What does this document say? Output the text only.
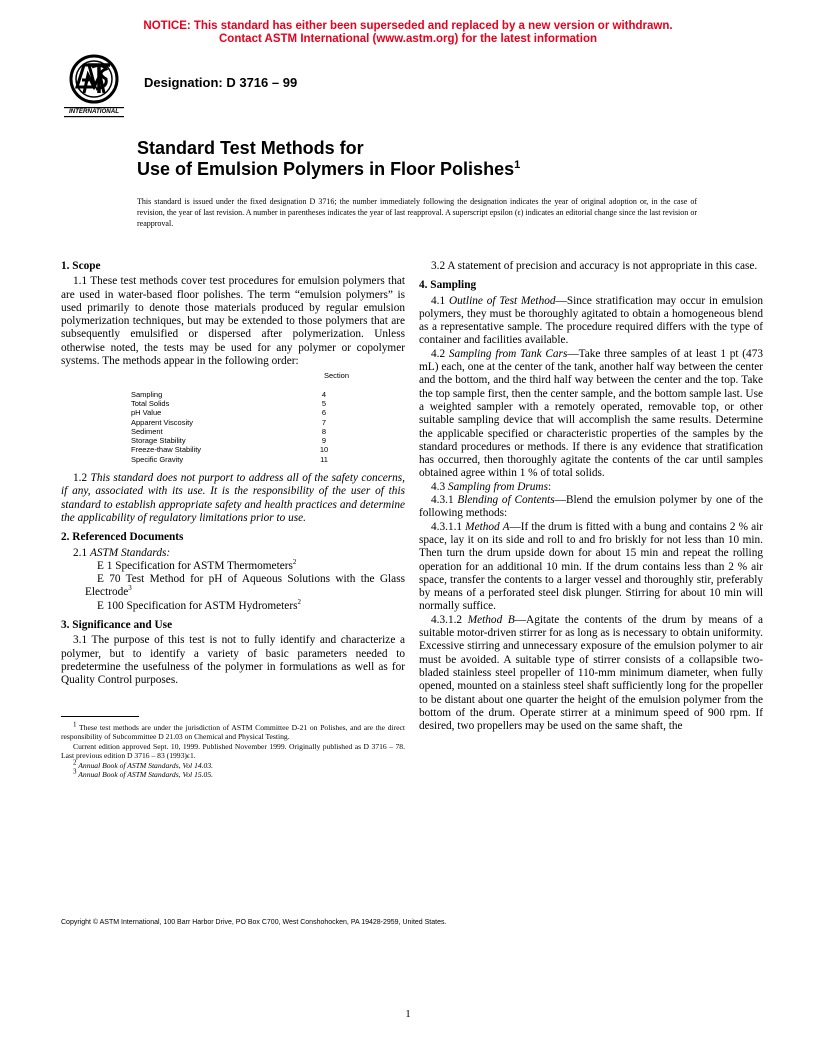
NOTICE: This standard has either been superseded and replaced by a new version or withdrawn.
Contact ASTM International (www.astm.org) for the latest information
INTERNATIONAL
Designation: D 3716 – 99
Standard Test Methods for
Use of Emulsion Polymers in Floor Polishes$^1$
This standard is issued under the fixed designation D 3716; the number immediately following the designation indicates the year of original adoption or, in the case of revision, the year of last revision. A number in parentheses indicates the year of last reapproval. A superscript epsilon (ϵ) indicates an editorial change since the last revision or reapproval.
1. Scope

1.1 These test methods cover test procedures for emulsion polymers that are used in water-based floor polishes. The term “emulsion polymers” is used primarily to denote those materials produced by regular emulsion polymerization techniques, but may be extended to those polymers that are subsequently emulsified or dispersed after polymerization. Unless otherwise noted, the tests may be used for any polymer or copolymer systems. The methods appear in the following order:

Section
Sampling	4
Total Solids	5
pH Value	6
Apparent Viscosity	7
Sediment	8
Storage Stability	9
Freeze-thaw Stability	10
Specific Gravity	11

1.2 This standard does not purport to address all of the safety concerns, if any, associated with its use. It is the responsibility of the user of this standard to establish appropriate safety and health practices and determine the applicability of regulatory limitations prior to use.

2. Referenced Documents

2.1 ASTM Standards:

E 1 Specification for ASTM Thermometers$^2$

E 70 Test Method for pH of Aqueous Solutions with the Glass Electrode$^3$

E 100 Specification for ASTM Hydrometers$^2$

3. Significance and Use

3.1 The purpose of this test is not to fully identify and characterize a polymer, but to identify a variety of basic parameters needed to predetermine the usefulness of the polymer in formulations as well as for Quality Control purposes.

$^1$ These test methods are under the jurisdiction of ASTM Committee D-21 on Polishes, and are the direct responsibility of Subcommittee D 21.03 on Chemical and Physical Testing.

Current edition approved Sept. 10, 1999. Published November 1999. Originally published as D 3716 – 78. Last previous edition D 3716 – 83 (1993)ϵ1.

$^2$ Annual Book of ASTM Standards, Vol 14.03.

$^3$ Annual Book of ASTM Standards, Vol 15.05.

3.2 A statement of precision and accuracy is not appropriate in this case.

4. Sampling

4.1 Outline of Test Method—Since stratification may occur in emulsion polymers, they must be thoroughly agitated to obtain a homogeneous blend as a representative sample. The procedure required differs with the type of container and facilities available.

4.2 Sampling from Tank Cars—Take three samples of at least 1 pt (473 mL) each, one at the center of the tank, another half way between the center and the bottom, and the third half way between the center and the top. Take the top sample first, then the center sample, and the bottom sample last. Use a weighted sampler with a remotely operated, removable top, or other suitable sampling device that will accomplish the same results. Determine the applicable specified or characteristic properties of the samples by the standard procedures or methods. If there is any evidence that stratification has occurred, then thoroughly agitate the contents of the car until samples obtained agree within 1 % of total solids.

4.3 Sampling from Drums:

4.3.1 Blending of Contents—Blend the emulsion polymer by one of the following methods:

4.3.1.1 Method A—If the drum is fitted with a bung and contains 2 % air space, lay it on its side and roll to and fro briskly for not less than 10 min. Then turn the drum upside down for about 15 min and repeat the rolling operation for an additional 10 min. If the drum contains less than 2 % air space, transfer the contents to a larger vessel and thoroughly stir, preferably by means of a perforated steel disk plunger. Stirring for about 10 min will normally suffice.

4.3.1.2 Method B—Agitate the contents of the drum by means of a suitable motor-driven stirrer for as long as is necessary to obtain uniformity. Excessive stirring and unnecessary exposure of the emulsion polymer to air must be avoided. A suitable type of stirrer consists of a collapsible two-bladed stainless steel propeller of 110-mm minimum diameter, when fully opened, mounted on a stainless steel shaft sufficiently long for the propeller to be distant about one quarter the height of the emulsion polymer from the bottom of the drum. Operate stirrer at a minimum speed of 900 rpm. If desired, two propellers may be used on the same shaft, the

Copyright © ASTM International, 100 Barr Harbor Drive, PO Box C700, West Conshohocken, PA 19428-2959, United States.
1
